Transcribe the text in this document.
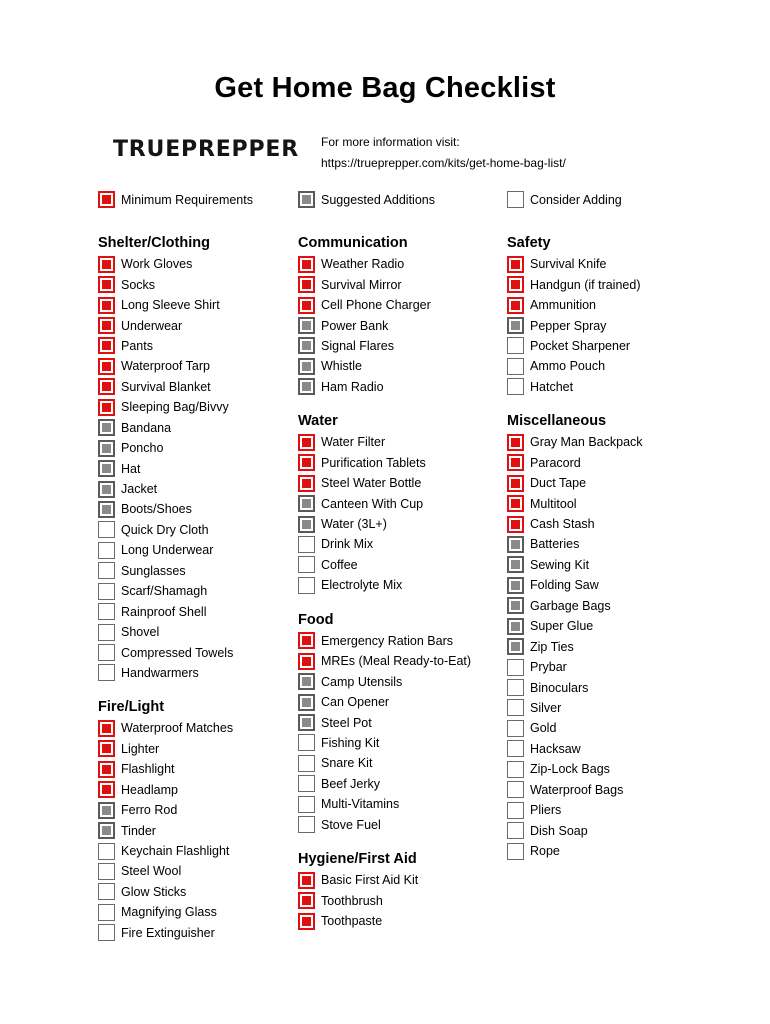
Get Home Bag Checklist
TRUEPREPPER For more information visit:
https://trueprepper.com/kits/get-home-bag-list/
Minimum Requirements	Suggested Additions	Consider Adding
Shelter/Clothing
Work Gloves
Socks
Long Sleeve Shirt
Underwear
Pants
Waterproof Tarp
Survival Blanket
Sleeping Bag/Bivvy
Bandana
Poncho
Hat
Jacket
Boots/Shoes
Quick Dry Cloth
Long Underwear
Sunglasses
Scarf/Shamagh
Rainproof Shell
Shovel
Compressed Towels
Handwarmers
Fire/Light
Waterproof Matches
Lighter
Flashlight
Headlamp
Ferro Rod
Tinder
Keychain Flashlight
Steel Wool
Glow Sticks
Magnifying Glass
Fire Extinguisher
Communication
Weather Radio
Survival Mirror
Cell Phone Charger
Power Bank
Signal Flares
Whistle
Ham Radio
Water
Water Filter
Purification Tablets
Steel Water Bottle
Canteen With Cup
Water (3L+)
Drink Mix
Coffee
Electrolyte Mix
Food
Emergency Ration Bars
MREs (Meal Ready-to-Eat)
Camp Utensils
Can Opener
Steel Pot
Fishing Kit
Snare Kit
Beef Jerky
Multi-Vitamins
Stove Fuel
Hygiene/First Aid
Basic First Aid Kit
Toothbrush
Toothpaste
Safety
Survival Knife
Handgun (if trained)
Ammunition
Pepper Spray
Pocket Sharpener
Ammo Pouch
Hatchet
Miscellaneous
Gray Man Backpack
Paracord
Duct Tape
Multitool
Cash Stash
Batteries
Sewing Kit
Folding Saw
Garbage Bags
Super Glue
Zip Ties
Prybar
Binoculars
Silver
Gold
Hacksaw
Zip-Lock Bags
Waterproof Bags
Pliers
Dish Soap
Rope
